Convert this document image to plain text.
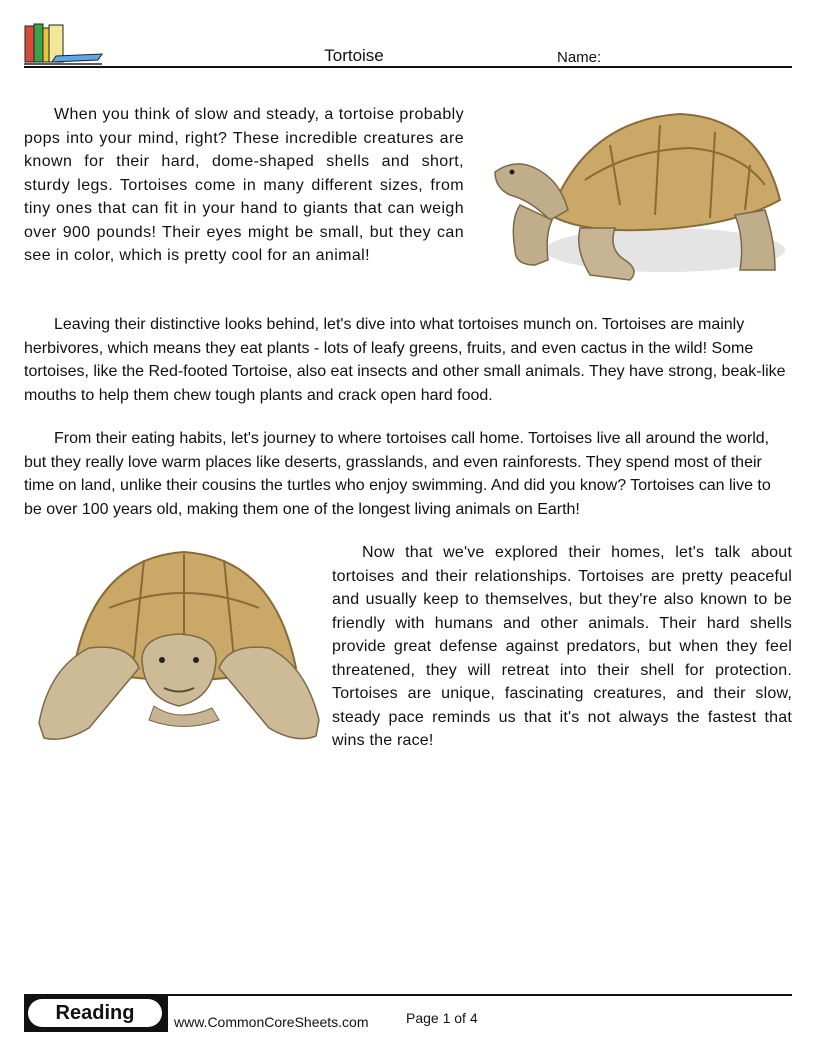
Tortoise	Name:

When you think of slow and steady, a tortoise probably pops into your mind, right? These incredible creatures are known for their hard, dome-shaped shells and short, sturdy legs. Tortoises come in many different sizes, from tiny ones that can fit in your hand to giants that can weigh over 900 pounds! Their eyes might be small, but they can see in color, which is pretty cool for an animal!

Leaving their distinctive looks behind, let's dive into what tortoises munch on. Tortoises are mainly herbivores, which means they eat plants - lots of leafy greens, fruits, and even cactus in the wild! Some tortoises, like the Red-footed Tortoise, also eat insects and other small animals. They have strong, beak-like mouths to help them chew tough plants and crack open hard food.

From their eating habits, let's journey to where tortoises call home. Tortoises live all around the world, but they really love warm places like deserts, grasslands, and even rainforests. They spend most of their time on land, unlike their cousins the turtles who enjoy swimming. And did you know? Tortoises can live to be over 100 years old, making them one of the longest living animals on Earth!

Now that we've explored their homes, let's talk about tortoises and their relationships. Tortoises are pretty peaceful and usually keep to themselves, but they're also known to be friendly with humans and other animals. Their hard shells provide great defense against predators, but when they feel threatened, they will retreat into their shell for protection. Tortoises are unique, fascinating creatures, and their slow, steady pace reminds us that it's not always the fastest that wins the race!

Reading	www.CommonCoreSheets.com	Page 1 of 4
